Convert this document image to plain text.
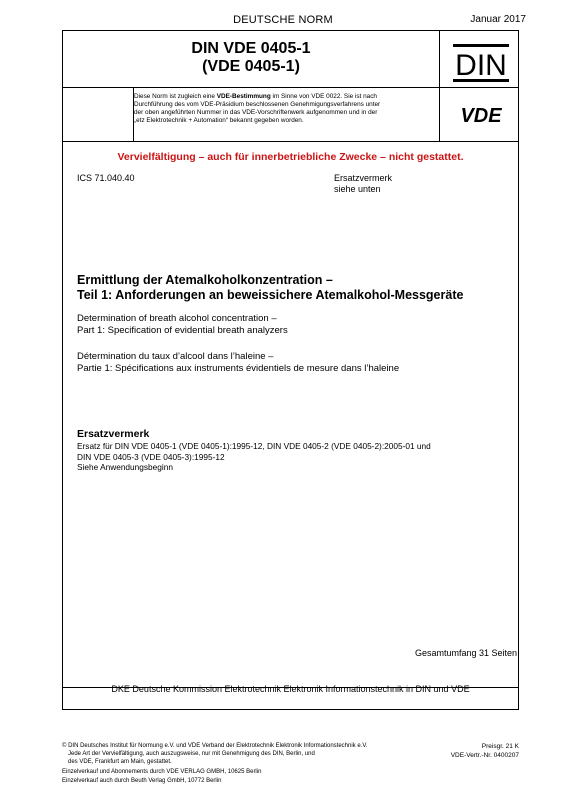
DEUTSCHE NORM	Januar 2017
DIN VDE 0405-1
(VDE 0405-1)	DIN
Diese Norm ist zugleich eine VDE-Bestimmung im Sinne von VDE 0022. Sie ist nach
Durchführung des vom VDE-Präsidium beschlossenen Genehmigungsverfahrens unter
der oben angeführten Nummer in das VDE-Vorschriftenwerk aufgenommen und in der
„etz Elektrotechnik + Automation“ bekannt gegeben worden.	VDE
Vervielfältigung – auch für innerbetriebliche Zwecke – nicht gestattet.
ICS 71.040.40	Ersatzvermerk
siehe unten
Ermittlung der Atemalkoholkonzentration –
Teil 1: Anforderungen an beweissichere Atemalkohol-Messgeräte
Determination of breath alcohol concentration –
Part 1: Specification of evidential breath analyzers
Détermination du taux d’alcool dans l’haleine –
Partie 1: Spécifications aux instruments évidentiels de mesure dans l’haleine
Ersatzvermerk
Ersatz für DIN VDE 0405-1 (VDE 0405-1):1995-12, DIN VDE 0405-2 (VDE 0405-2):2005-01 und
DIN VDE 0405-3 (VDE 0405-3):1995-12
Siehe Anwendungsbeginn
Gesamtumfang 31 Seiten
DKE Deutsche Kommission Elektrotechnik Elektronik Informationstechnik in DIN und VDE
© DIN Deutsches Institut für Normung e.V. und VDE Verband der Elektrotechnik Elektronik Informationstechnik e.V.
Jede Art der Vervielfältigung, auch auszugsweise, nur mit Genehmigung des DIN, Berlin, und
des VDE, Frankfurt am Main, gestattet.
Preisgr. 21 K
VDE-Vertr.-Nr. 0400207
Einzelverkauf und Abonnements durch VDE VERLAG GMBH, 10625 Berlin
Einzelverkauf auch durch Beuth Verlag GmbH, 10772 Berlin
